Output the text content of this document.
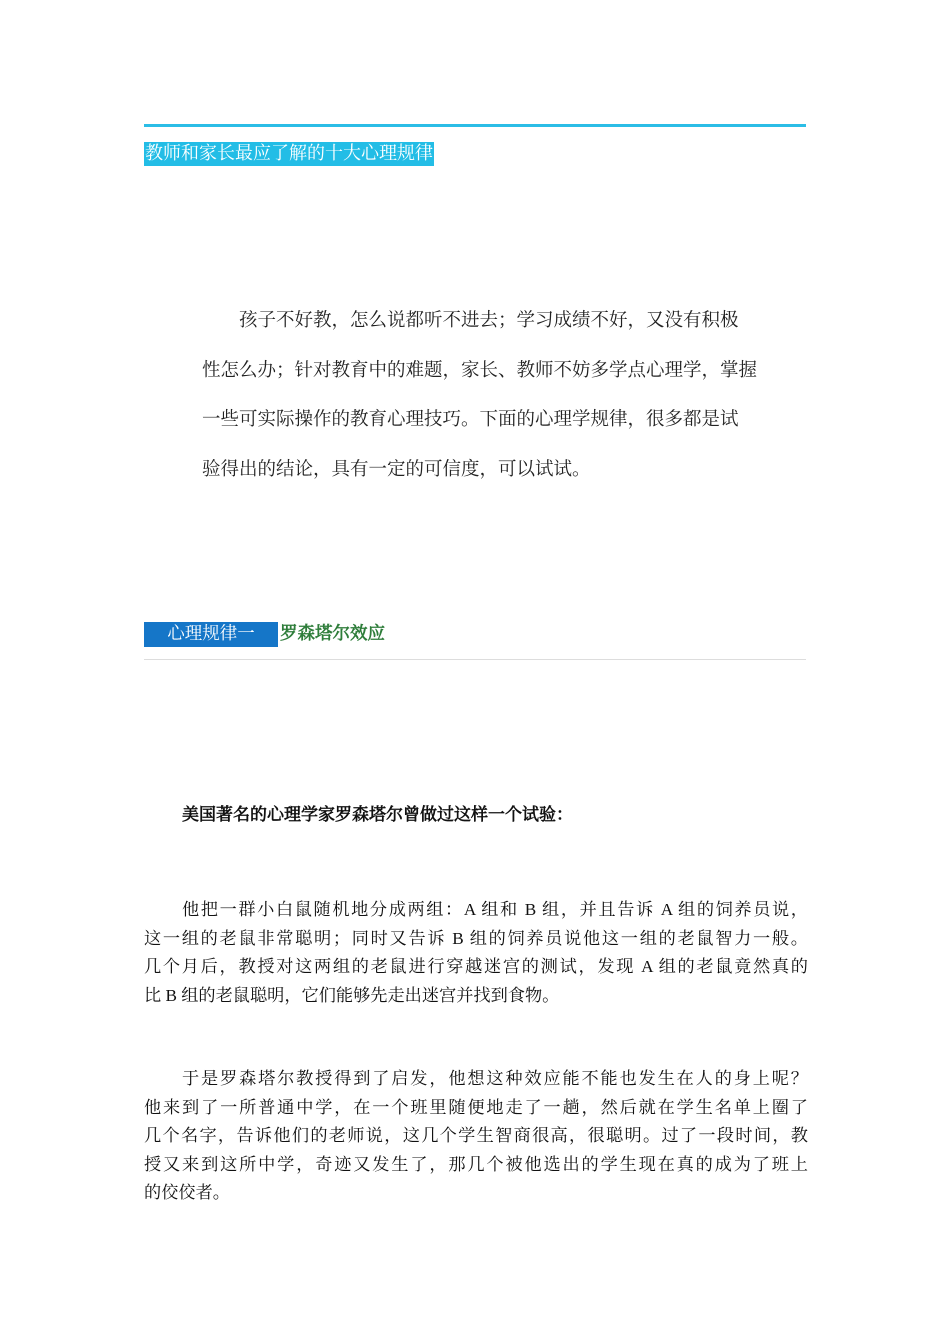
教师和家长最应了解的十大心理规律

孩子不好教，怎么说都听不进去；学习成绩不好，又没有积极

性怎么办；针对教育中的难题，家长、教师不妨多学点心理学，掌握

一些可实际操作的教育心理技巧。下面的心理学规律，很多都是试

验得出的结论，具有一定的可信度，可以试试。

心理规律一	罗森塔尔效应
美国著名的心理学家罗森塔尔曾做过这样一个试验：
他把一群小白鼠随机地分成两组：A 组和 B 组，并且告诉 A 组的饲养员说，
这一组的老鼠非常聪明；同时又告诉 B 组的饲养员说他这一组的老鼠智力一般。
几个月后，教授对这两组的老鼠进行穿越迷宫的测试，发现 A 组的老鼠竟然真的
比 B 组的老鼠聪明，它们能够先走出迷宫并找到食物。
于是罗森塔尔教授得到了启发，他想这种效应能不能也发生在人的身上呢？
他来到了一所普通中学，在一个班里随便地走了一趟，然后就在学生名单上圈了
几个名字，告诉他们的老师说，这几个学生智商很高，很聪明。过了一段时间，教
授又来到这所中学，奇迹又发生了，那几个被他选出的学生现在真的成为了班上
的佼佼者。
